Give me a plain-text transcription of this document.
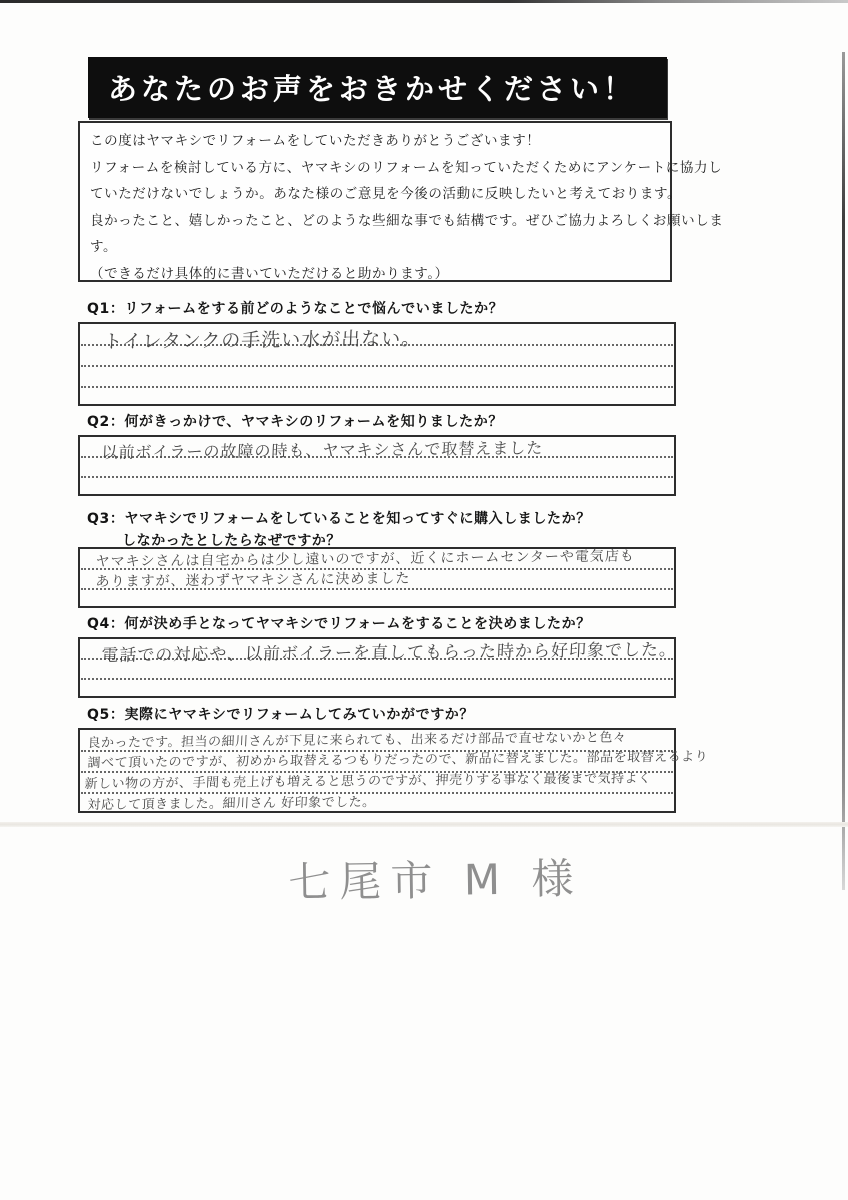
あなたのお声をおきかせください！
この度はヤマキシでリフォームをしていただきありがとうございます！
リフォームを検討している方に、ヤマキシのリフォームを知っていただくためにアンケートに協力し
ていただけないでしょうか。あなた様のご意見を今後の活動に反映したいと考えております。
良かったこと、嬉しかったこと、どのような些細な事でも結構です。ぜひご協力よろしくお願いしま
す。
（できるだけ具体的に書いていただけると助かります。）
Q1：リフォームをする前どのようなことで悩んでいましたか？
トイレタンクの手洗い水が出ない。
Q2：何がきっかけで、ヤマキシのリフォームを知りましたか？
以前ボイラーの故障の時も、ヤマキシさんで取替えました
Q3：ヤマキシでリフォームをしていることを知ってすぐに購入しましたか？
しなかったとしたらなぜですか？
ヤマキシさんは自宅からは少し遠いのですが、近くにホームセンターや電気店も
ありますが、迷わずヤマキシさんに決めました
Q4：何が決め手となってヤマキシでリフォームをすることを決めましたか？
電話での対応や、以前ボイラーを直してもらった時から好印象でした。
Q5：実際にヤマキシでリフォームしてみていかがですか？
良かったです。担当の細川さんが下見に来られても、出来るだけ部品で直せないかと色々
調べて頂いたのですが、初めから取替えるつもりだったので、新品に替えました。部品を取替えるより
新しい物の方が、手間も売上げも増えると思うのですが、押売りする事なく最後まで気持よく
対応して頂きました。細川さん 好印象でした。
七尾市 M 様
